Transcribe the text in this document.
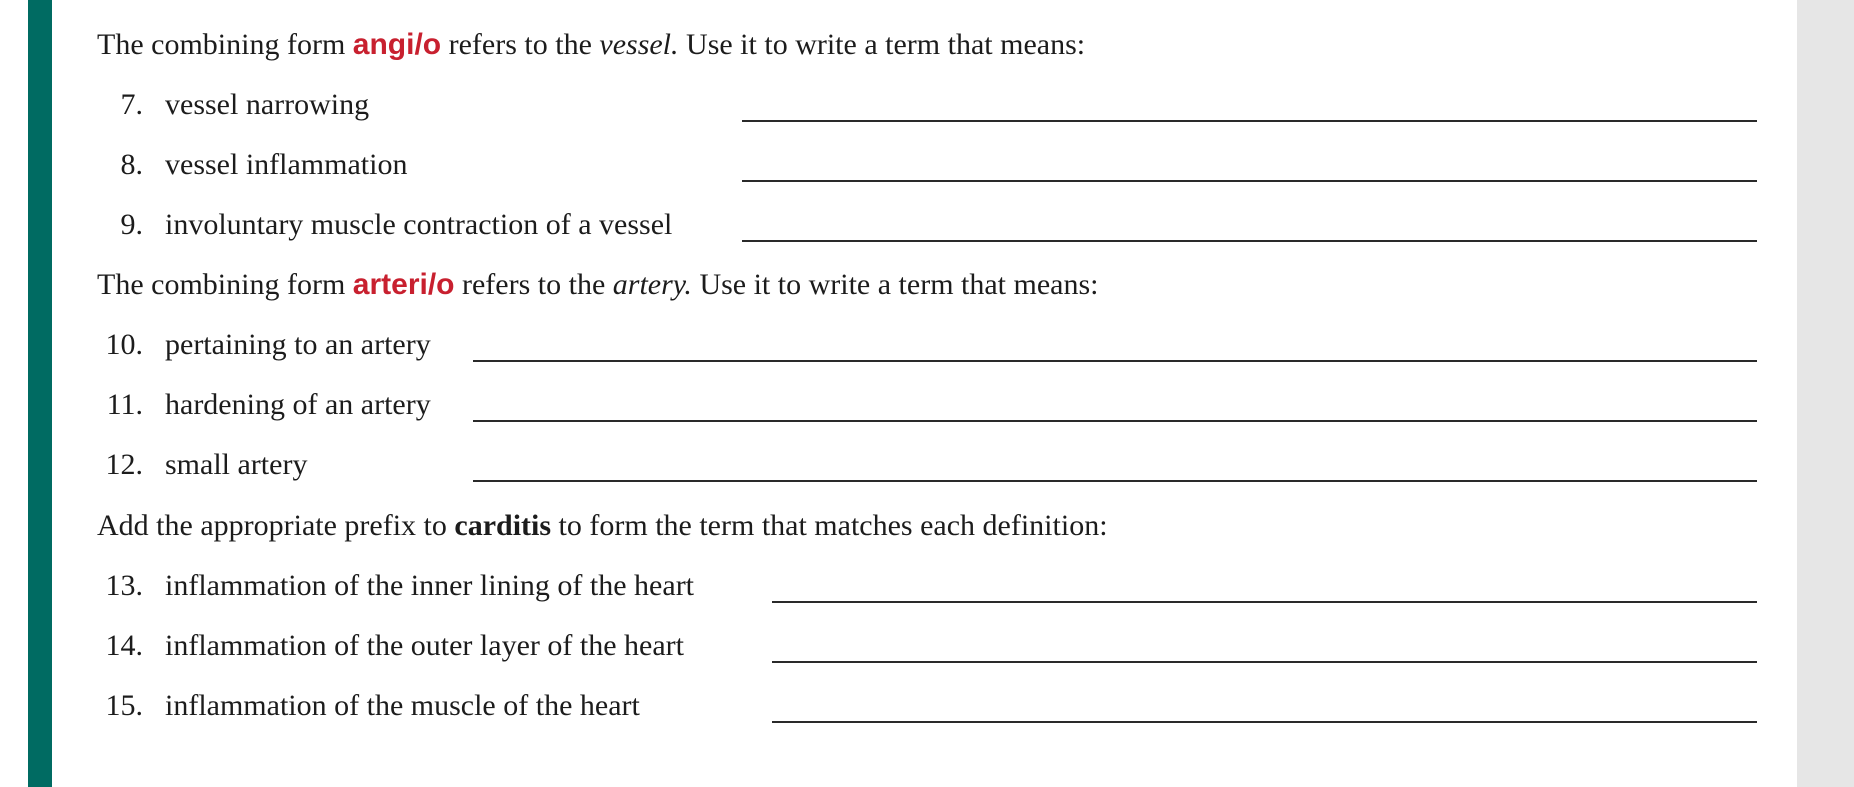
The combining form angi/o refers to the vessel. Use it to write a term that means:
7. vessel narrowing
8. vessel inflammation
9. involuntary muscle contraction of a vessel
The combining form arteri/o refers to the artery. Use it to write a term that means:
10. pertaining to an artery
11. hardening of an artery
12. small artery
Add the appropriate prefix to carditis to form the term that matches each definition:
13. inflammation of the inner lining of the heart
14. inflammation of the outer layer of the heart
15. inflammation of the muscle of the heart
